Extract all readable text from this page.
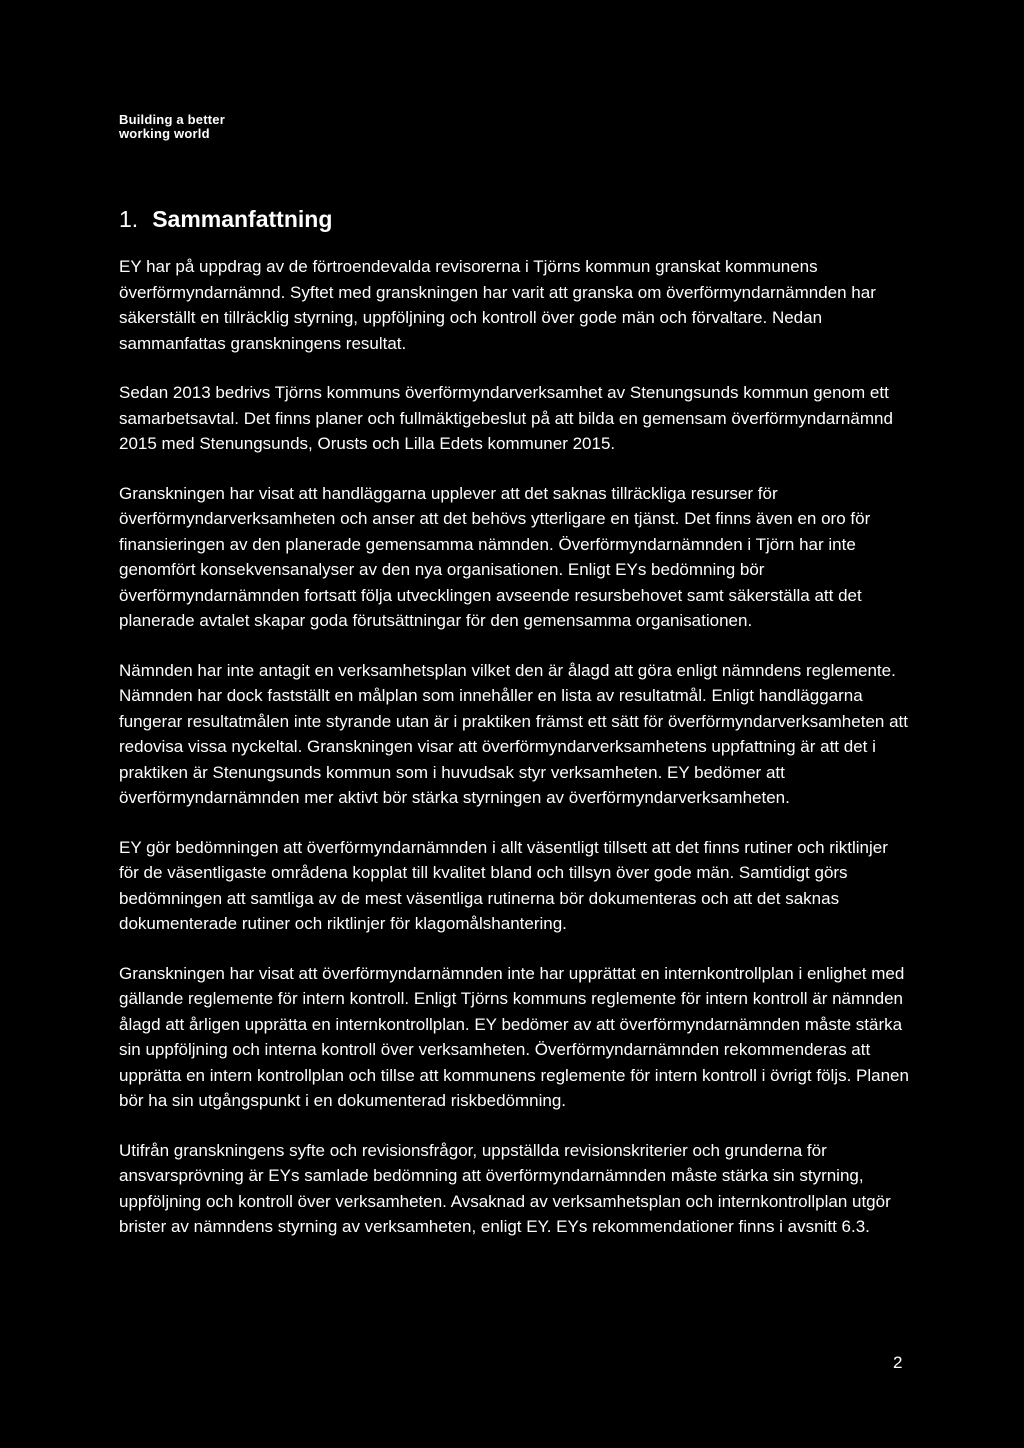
Building a better
working world
1. Sammanfattning

EY har på uppdrag av de förtroendevalda revisorerna i Tjörns kommun granskat kommunens överförmyndarnämnd. Syftet med granskningen har varit att granska om överförmyndarnämnden har säkerställt en tillräcklig styrning, uppföljning och kontroll över gode män och förvaltare. Nedan sammanfattas granskningens resultat.

Sedan 2013 bedrivs Tjörns kommuns överförmyndarverksamhet av Stenungsunds kommun genom ett samarbetsavtal. Det finns planer och fullmäktigebeslut på att bilda en gemensam överförmyndarnämnd 2015 med Stenungsunds, Orusts och Lilla Edets kommuner 2015.

Granskningen har visat att handläggarna upplever att det saknas tillräckliga resurser för överförmyndarverksamheten och anser att det behövs ytterligare en tjänst. Det finns även en oro för finansieringen av den planerade gemensamma nämnden. Överförmyndarnämnden i Tjörn har inte genomfört konsekvensanalyser av den nya organisationen. Enligt EYs bedömning bör överförmyndarnämnden fortsatt följa utvecklingen avseende resursbehovet samt säkerställa att det planerade avtalet skapar goda förutsättningar för den gemensamma organisationen.

Nämnden har inte antagit en verksamhetsplan vilket den är ålagd att göra enligt nämndens reglemente. Nämnden har dock fastställt en målplan som innehåller en lista av resultatmål. Enligt handläggarna fungerar resultatmålen inte styrande utan är i praktiken främst ett sätt för överförmyndarverksamheten att redovisa vissa nyckeltal. Granskningen visar att överförmyndarverksamhetens uppfattning är att det i praktiken är Stenungsunds kommun som i huvudsak styr verksamheten. EY bedömer att överförmyndarnämnden mer aktivt bör stärka styrningen av överförmyndarverksamheten.

EY gör bedömningen att överförmyndarnämnden i allt väsentligt tillsett att det finns rutiner och riktlinjer för de väsentligaste områdena kopplat till kvalitet bland och tillsyn över gode män. Samtidigt görs bedömningen att samtliga av de mest väsentliga rutinerna bör dokumenteras och att det saknas dokumenterade rutiner och riktlinjer för klagomålshantering.

Granskningen har visat att överförmyndarnämnden inte har upprättat en internkontrollplan i enlighet med gällande reglemente för intern kontroll. Enligt Tjörns kommuns reglemente för intern kontroll är nämnden ålagd att årligen upprätta en internkontrollplan. EY bedömer av att överförmyndarnämnden måste stärka sin uppföljning och interna kontroll över verksamheten. Överförmyndarnämnden rekommenderas att upprätta en intern kontrollplan och tillse att kommunens reglemente för intern kontroll i övrigt följs. Planen bör ha sin utgångspunkt i en dokumenterad riskbedömning.

Utifrån granskningens syfte och revisionsfrågor, uppställda revisionskriterier och grunderna för ansvarsprövning är EYs samlade bedömning att överförmyndarnämnden måste stärka sin styrning, uppföljning och kontroll över verksamheten. Avsaknad av verksamhetsplan och internkontrollplan utgör brister av nämndens styrning av verksamheten, enligt EY. EYs rekommendationer finns i avsnitt 6.3.

2
